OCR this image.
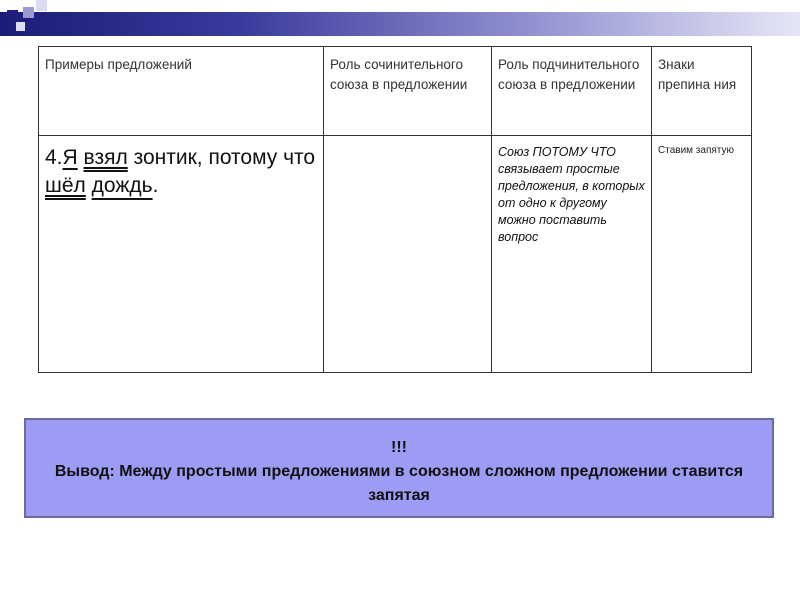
Примеры предложений	Роль сочинительного союза в предложении	Роль подчинительного союза в предложении	Знаки препина ния

4.Я взял зонтик, потому что шёл дождь.		Союз ПОТОМУ ЧТО связывает простые предложения, в которых от одно к другому можно поставить вопрос	Ставим запятую
!!!
Вывод: Между простыми предложениями в союзном сложном предложении ставится запятая
